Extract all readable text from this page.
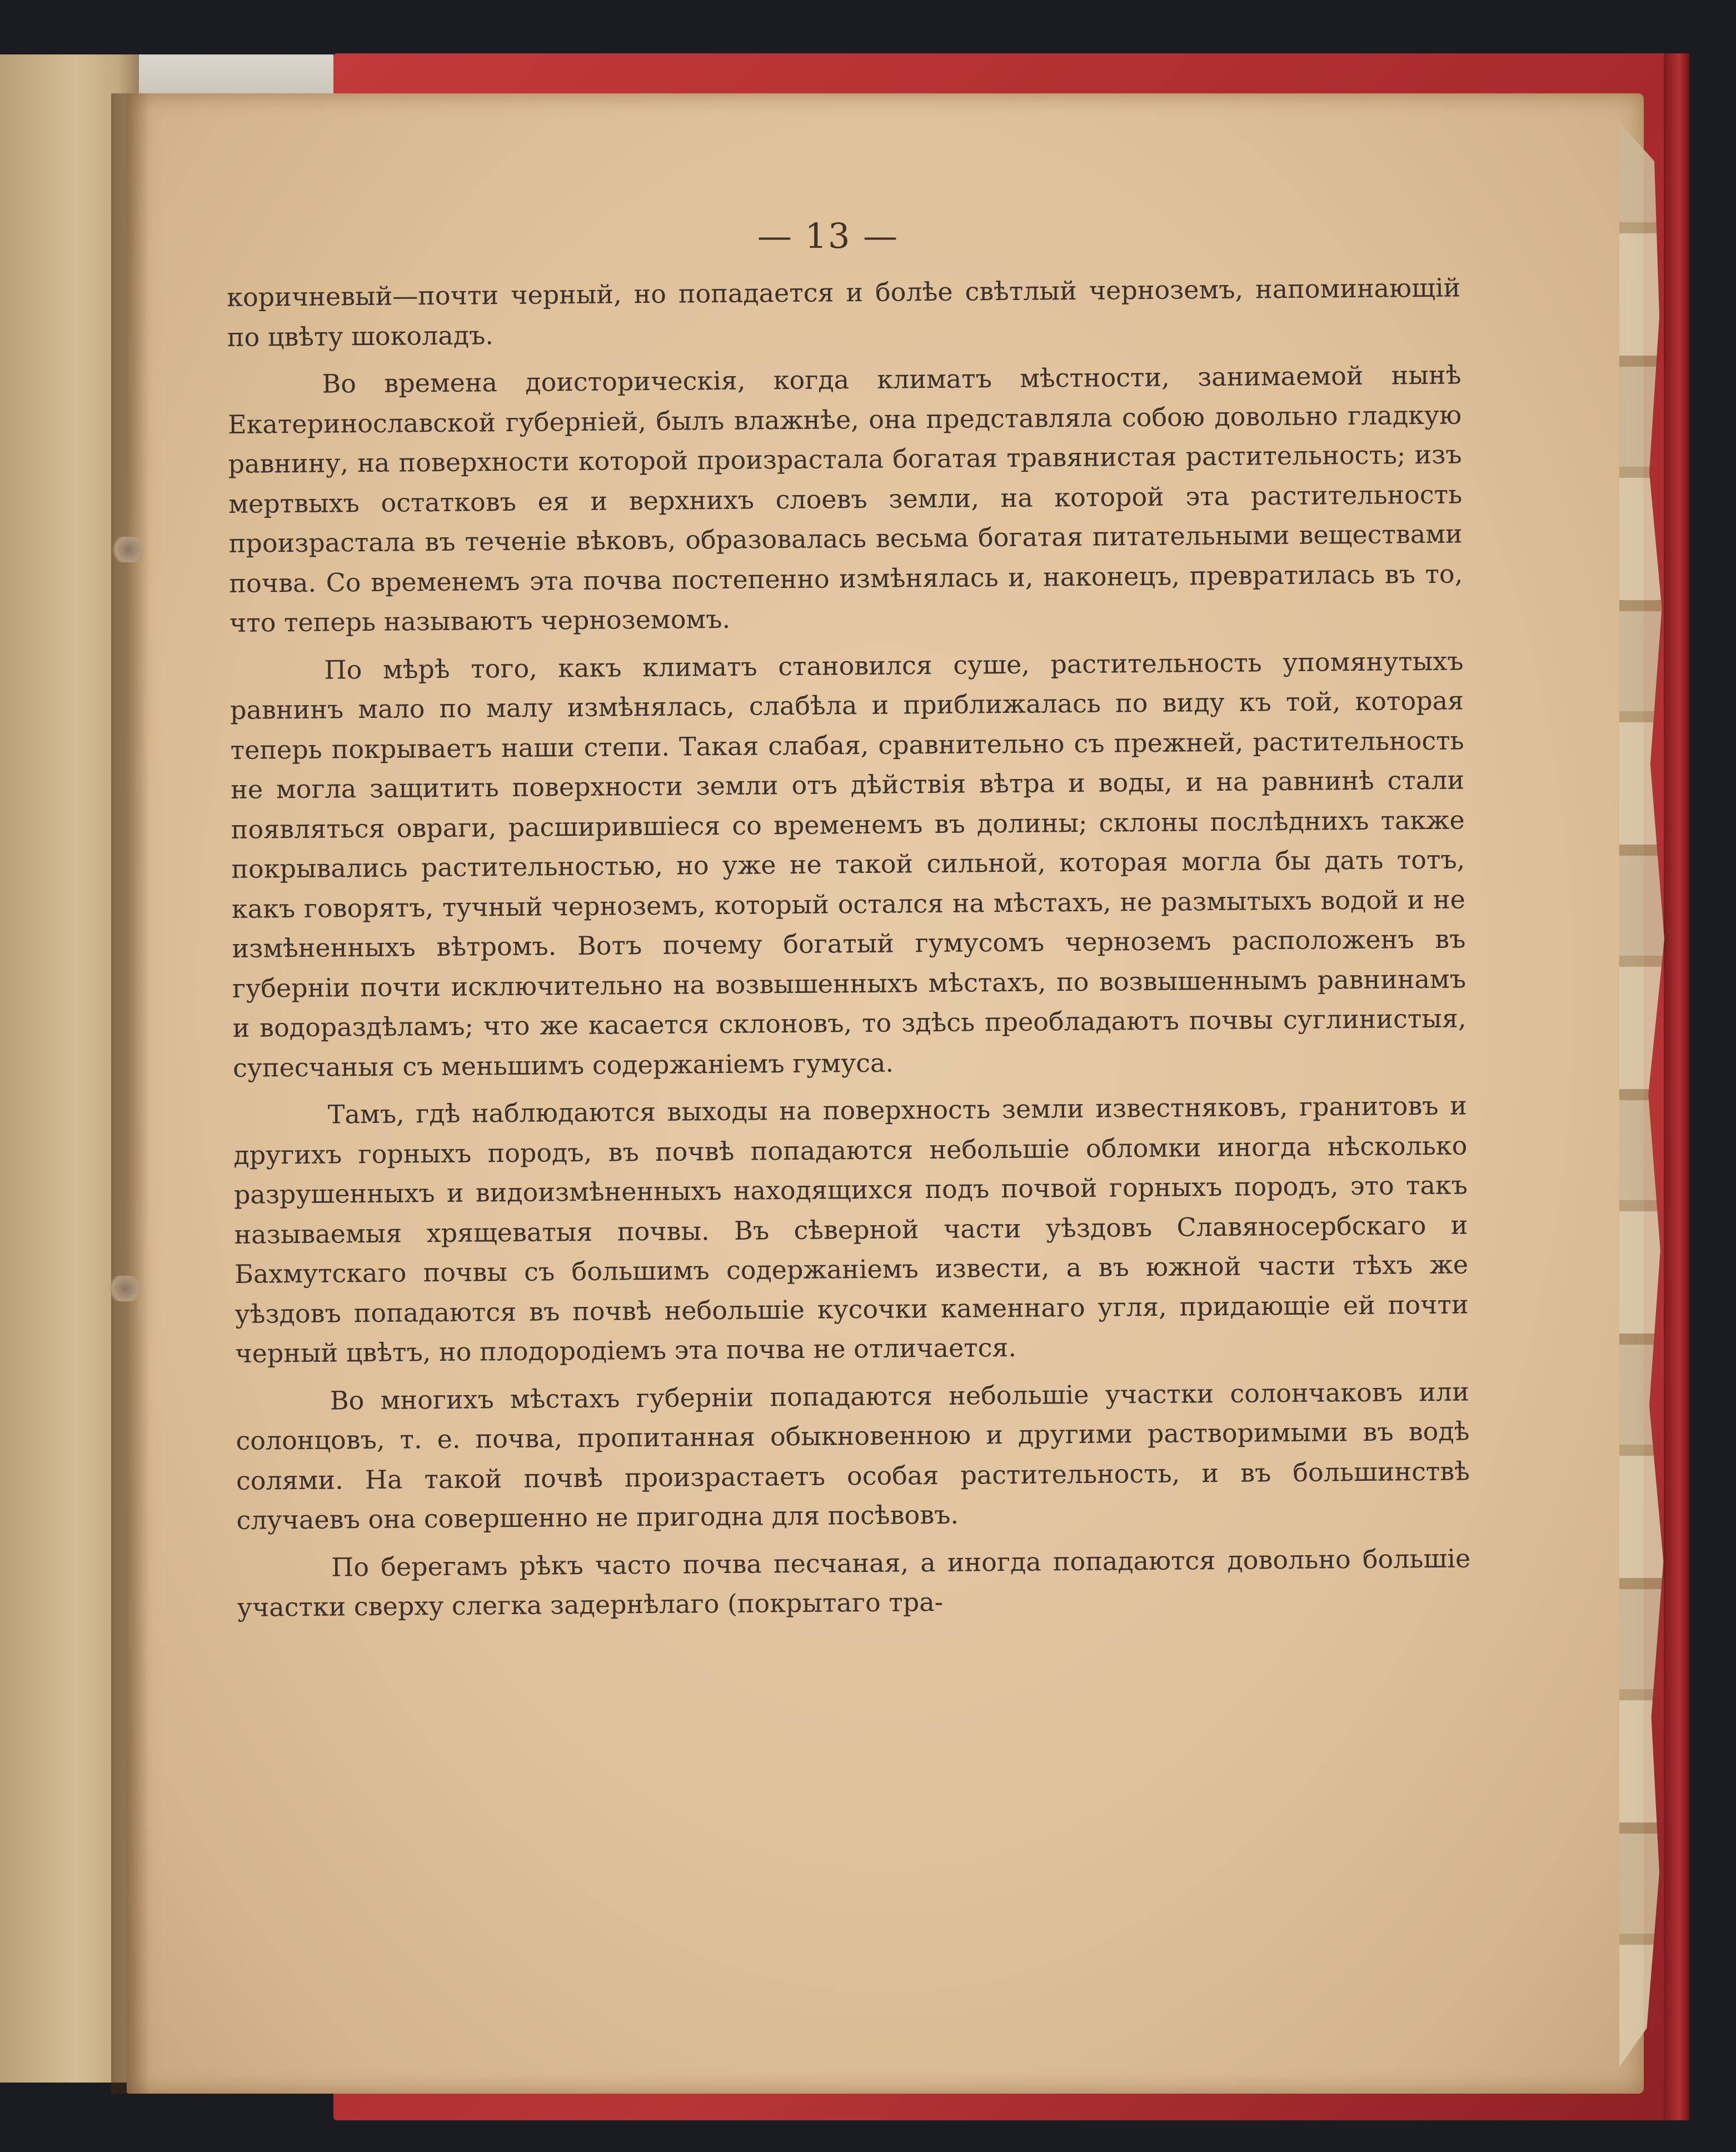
— 13 —

коричневый—почти черный, но попадается и болѣе свѣтлый черноземъ, напоминающій по цвѣту шоколадъ.

Во времена доисторическія, когда климатъ мѣстности, занимаемой нынѣ Екатеринославской губерніей, былъ влажнѣе, она представляла собою довольно гладкую равнину, на поверхности которой произрастала богатая травянистая растительность; изъ мертвыхъ остатковъ ея и верхнихъ слоевъ земли, на которой эта растительность произрастала въ теченіе вѣковъ, образовалась весьма богатая питательными веществами почва. Со временемъ эта почва постепенно измѣнялась и, наконецъ, превратилась въ то, что теперь называютъ черноземомъ.

По мѣрѣ того, какъ климатъ становился суше, растительность упомянутыхъ равнинъ мало по малу измѣнялась, слабѣла и приближалась по виду къ той, которая теперь покрываетъ наши степи. Такая слабая, сравнительно съ прежней, растительность не могла защитить поверхности земли отъ дѣйствія вѣтра и воды, и на равнинѣ стали появляться овраги, расширившіеся со временемъ въ долины; склоны послѣднихъ также покрывались растительностью, но уже не такой сильной, которая могла бы дать тотъ, какъ говорятъ, тучный черноземъ, который остался на мѣстахъ, не размытыхъ водой и не измѣненныхъ вѣтромъ. Вотъ почему богатый гумусомъ черноземъ расположенъ въ губерніи почти исключительно на возвышенныхъ мѣстахъ, по возвышеннымъ равнинамъ и водораздѣламъ; что же касается склоновъ, то здѣсь преобладаютъ почвы суглинистыя, супесчаныя съ меньшимъ содержаніемъ гумуса.

Тамъ, гдѣ наблюдаются выходы на поверхность земли известняковъ, гранитовъ и другихъ горныхъ породъ, въ почвѣ попадаются небольшіе обломки иногда нѣсколько разрушенныхъ и видоизмѣненныхъ находящихся подъ почвой горныхъ породъ, это такъ называемыя хрящеватыя почвы. Въ сѣверной части уѣздовъ Славяносербскаго и Бахмутскаго почвы съ большимъ содержаніемъ извести, а въ южной части тѣхъ же уѣздовъ попадаются въ почвѣ небольшіе кусочки каменнаго угля, придающіе ей почти черный цвѣтъ, но плодородіемъ эта почва не отличается.

Во многихъ мѣстахъ губерніи попадаются небольшіе участки солончаковъ или солонцовъ, т. е. почва, пропитанная обыкновенною и другими растворимыми въ водѣ солями. На такой почвѣ произрастаетъ особая растительность, и въ большинствѣ случаевъ она совершенно не пригодна для посѣвовъ.

По берегамъ рѣкъ часто почва песчаная, а иногда попадаются довольно большіе участки сверху слегка задернѣлаго (покрытаго тра-
